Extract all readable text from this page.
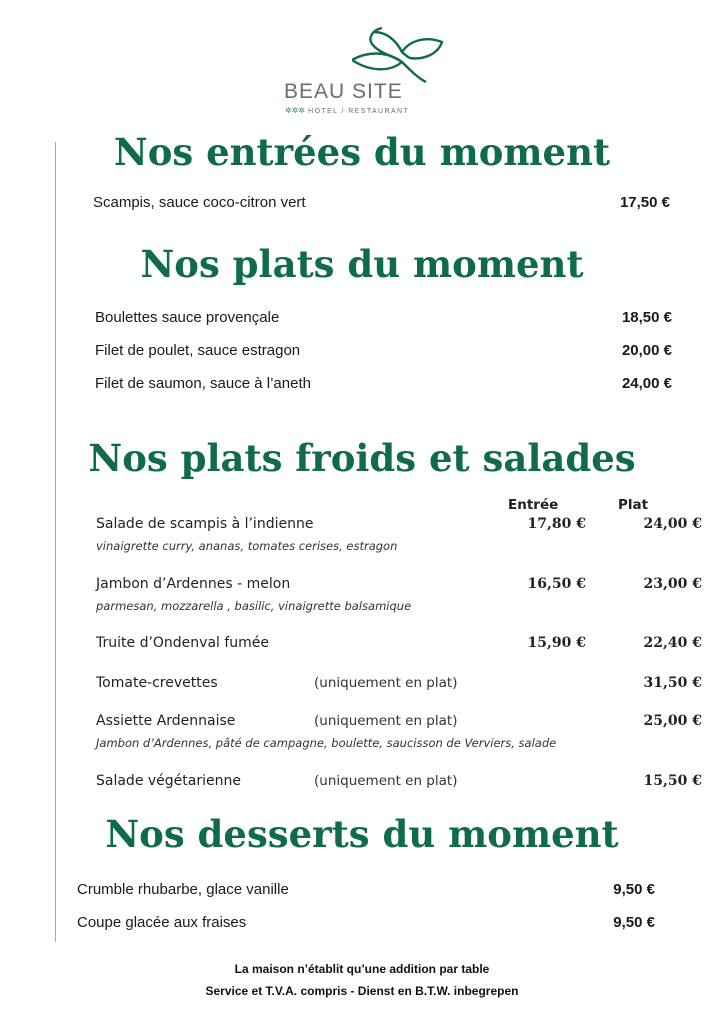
BEAU SITE
✲✲✲ HOTEL / RESTAURANT
Nos entrées du moment
Scampis, sauce coco-citron vert	17,50 €
Nos plats du moment
Boulettes sauce provençale	18,50 €
Filet de poulet, sauce estragon	20,00 €
Filet de saumon, sauce à l’aneth	24,00 €
Nos plats froids et salades
Entrée	Plat
Salade de scampis à l’indienne
vinaigrette curry, ananas, tomates cerises, estragon
17,80 €	24,00 €
Jambon d’Ardennes - melon
parmesan, mozzarella , basilic, vinaigrette balsamique
16,50 €	23,00 €
Truite d’Ondenval fumée	15,90 €	22,40 €
Tomate-crevettes	(uniquement en plat)	31,50 €
Assiette Ardennaise	(uniquement en plat)
Jambon d’Ardennes, pâté de campagne, boulette, saucisson de Verviers, salade
25,00 €
Salade végétarienne	(uniquement en plat)	15,50 €
Nos desserts du moment
Crumble rhubarbe, glace vanille	9,50 €
Coupe glacée aux fraises	9,50 €
La maison n’établit qu’une addition par table
Service et T.V.A. compris - Dienst en B.T.W. inbegrepen
